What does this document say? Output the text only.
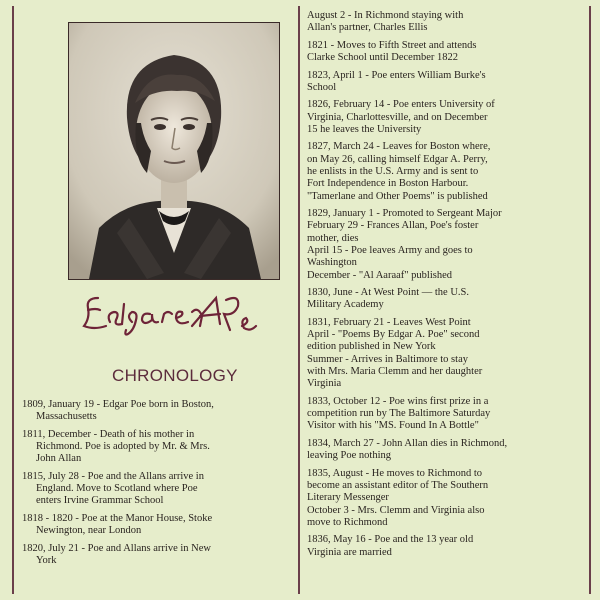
CHRONOLOGY
1809, January 19 - Edgar Poe born in Boston,
Massachusetts
1811, December - Death of his mother in
Richmond. Poe is adopted by Mr. & Mrs.
John Allan
1815, July 28 - Poe and the Allans arrive in
England. Move to Scotland where Poe
enters Irvine Grammar School
1818 - 1820 - Poe at the Manor House, Stoke
Newington, near London
1820, July 21 - Poe and Allans arrive in New
York
August 2 - In Richmond staying with
Allan's partner, Charles Ellis
1821 - Moves to Fifth Street and attends
Clarke School until December 1822
1823, April 1 - Poe enters William Burke's
School
1826, February 14 - Poe enters University of
Virginia, Charlottesville, and on December
15 he leaves the University
1827, March 24 - Leaves for Boston where,
on May 26, calling himself Edgar A. Perry,
he enlists in the U.S. Army and is sent to
Fort Independence in Boston Harbour.
"Tamerlane and Other Poems" is published
1829, January 1 - Promoted to Sergeant Major
February 29 - Frances Allan, Poe's foster
mother, dies
April 15 - Poe leaves Army and goes to
Washington
December - "Al Aaraaf" published
1830, June - At West Point — the U.S.
Military Academy
1831, February 21 - Leaves West Point
April - "Poems By Edgar A. Poe" second
edition published in New York
Summer - Arrives in Baltimore to stay
with Mrs. Maria Clemm and her daughter
Virginia
1833, October 12 - Poe wins first prize in a
competition run by The Baltimore Saturday
Visitor with his "MS. Found In A Bottle"
1834, March 27 - John Allan dies in Richmond,
leaving Poe nothing
1835, August - He moves to Richmond to
become an assistant editor of The Southern
Literary Messenger
October 3 - Mrs. Clemm and Virginia also
move to Richmond
1836, May 16 - Poe and the 13 year old
Virginia are married
